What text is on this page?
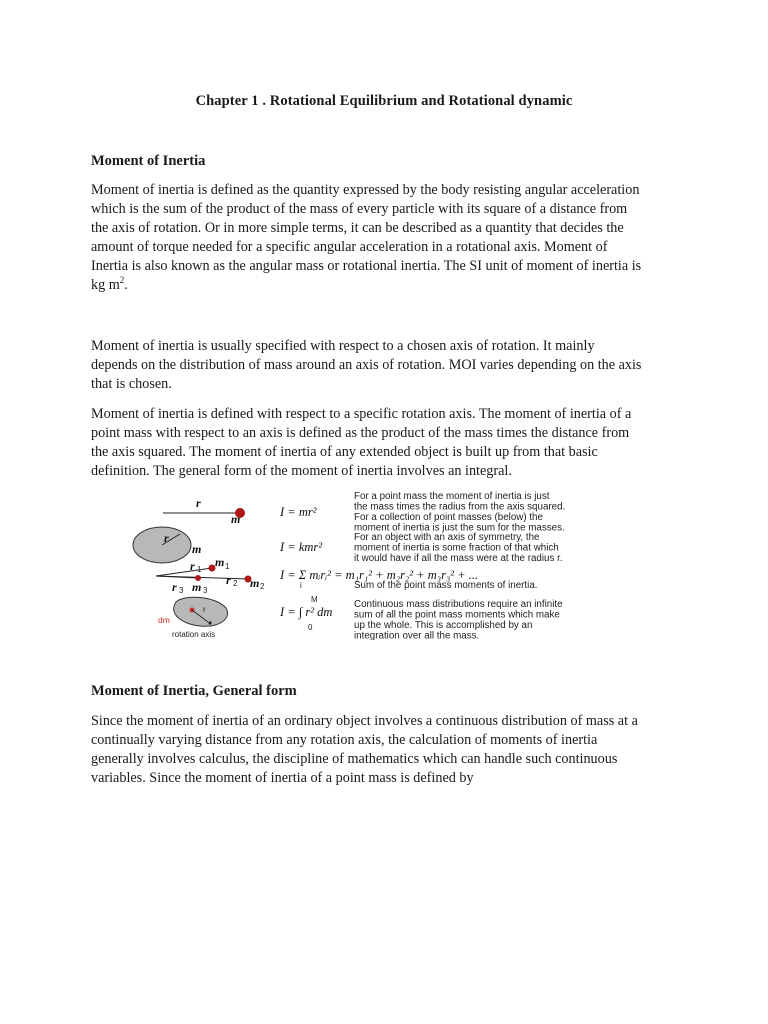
Chapter 1 . Rotational Equilibrium and Rotational dynamic
Moment of Inertia
Moment of inertia is defined as the quantity expressed by the body resisting angular acceleration
which is the sum of the product of the mass of every particle with its square of a distance from
the axis of rotation. Or in more simple terms, it can be described as a quantity that decides the
amount of torque needed for a specific angular acceleration in a rotational axis. Moment of
Inertia is also known as the angular mass or rotational inertia. The SI unit of moment of inertia is
kg $m^2$.
Moment of inertia is usually specified with respect to a chosen axis of rotation. It mainly
depends on the distribution of mass around an axis of rotation. MOI varies depending on the axis
that is chosen.
Moment of inertia is defined with respect to a specific rotation axis. The moment of inertia of a
point mass with respect to an axis is defined as the product of the mass times the distance from
the axis squared. The moment of inertia of any extended object is built up from that basic
definition. The general form of the moment of inertia involves an integral.
r
m	I = mr²
For a point mass the moment of inertia is just the mass times the radius from the axis squared. For a collection of point masses (below) the moment of inertia is just the sum for the masses.
r
m	I = kmr²
For an object with an axis of symmetry, the moment of inertia is some fraction of that which it would have if all the mass were at the radius r.
r 1
m 1
r 2 m 2
r 3 m 3
I = Σ mᵢrᵢ² = m₁r₁² + m₂r₂² + m₃r₃² + ...
i	Sum of the point mass moments of inertia.
dm
r
rotation axis
I = ∫ r² dm
M
0
Continuous mass distributions require an infinite sum of all the point mass moments which make up the whole. This is accomplished by an integration over all the mass.
Moment of Inertia, General form
Since the moment of inertia of an ordinary object involves a continuous distribution of mass at a
continually varying distance from any rotation axis, the calculation of moments of inertia
generally involves calculus, the discipline of mathematics which can handle such continuous
variables. Since the moment of inertia of a point mass is defined by
